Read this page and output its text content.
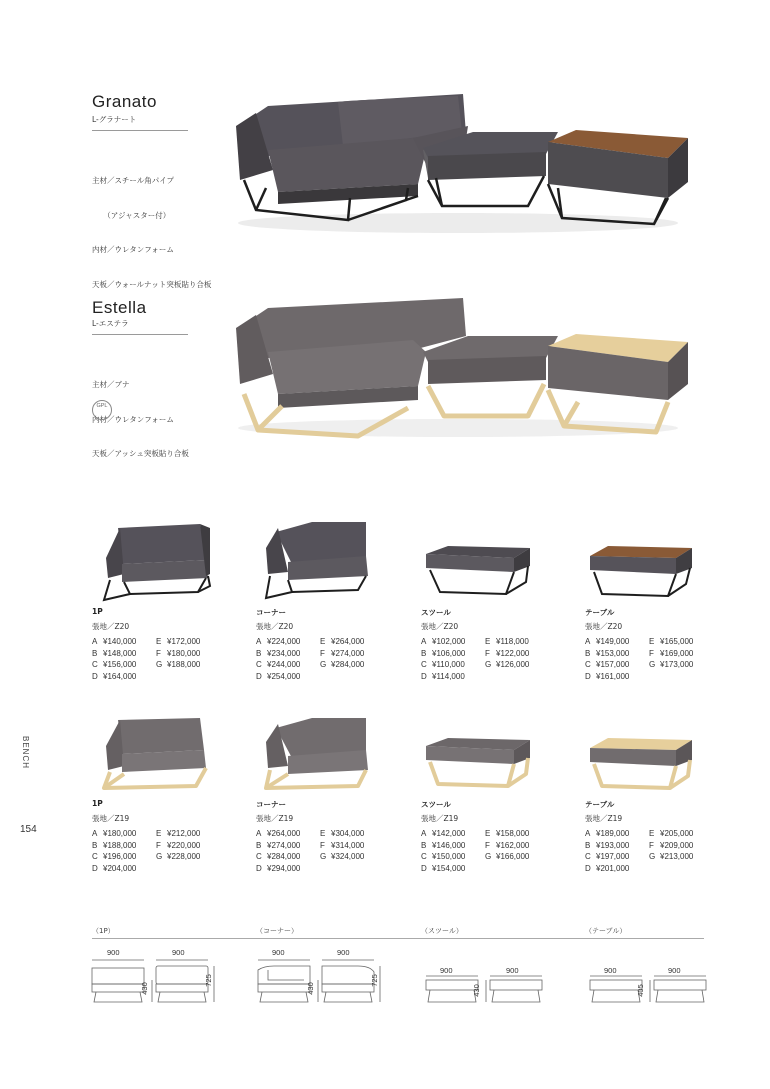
Granato
L-グラナート

主材／スチール角パイプ

　　（アジャスター付）

内材／ウレタンフォーム

天板／ウォールナット突板貼り合板

Estella
L-エステラ

主材／ブナ

内材／ウレタンフォーム

天板／アッシュ突板貼り合板

GPL
1P
張地／Z20
A ¥140,000 E ¥172,000
B ¥148,000 F ¥180,000
C ¥156,000 G ¥188,000
D ¥164,000
コーナー
張地／Z20
A ¥224,000 E ¥264,000
B ¥234,000 F ¥274,000
C ¥244,000 G ¥284,000
D ¥254,000
スツール
張地／Z20
A ¥102,000 E ¥118,000
B ¥106,000 F ¥122,000
C ¥110,000	G ¥126,000
D ¥114,000
テーブル
張地／Z20
A ¥149,000 E ¥165,000
B ¥153,000 F ¥169,000
C ¥157,000 G ¥173,000
D ¥161,000
1P
張地／Z19
A ¥180,000 E ¥212,000
B ¥188,000 F ¥220,000
C ¥196,000 G ¥228,000
D ¥204,000
コーナー
張地／Z19
A ¥264,000 E ¥304,000
B ¥274,000 F ¥314,000
C ¥284,000 G ¥324,000
D ¥294,000
スツール
張地／Z19
A ¥142,000 E ¥158,000
B ¥146,000 F ¥162,000
C ¥150,000 G ¥166,000
D ¥154,000
テーブル
張地／Z19
A ¥189,000 E ¥205,000
B ¥193,000 F ¥209,000
C ¥197,000 G ¥213,000
D ¥201,000
BENCH
154
（1P）	（コーナー）	（スツール）	（テーブル）
900	900
430
725
900	900
430
725
900	900
430
900	900
405
